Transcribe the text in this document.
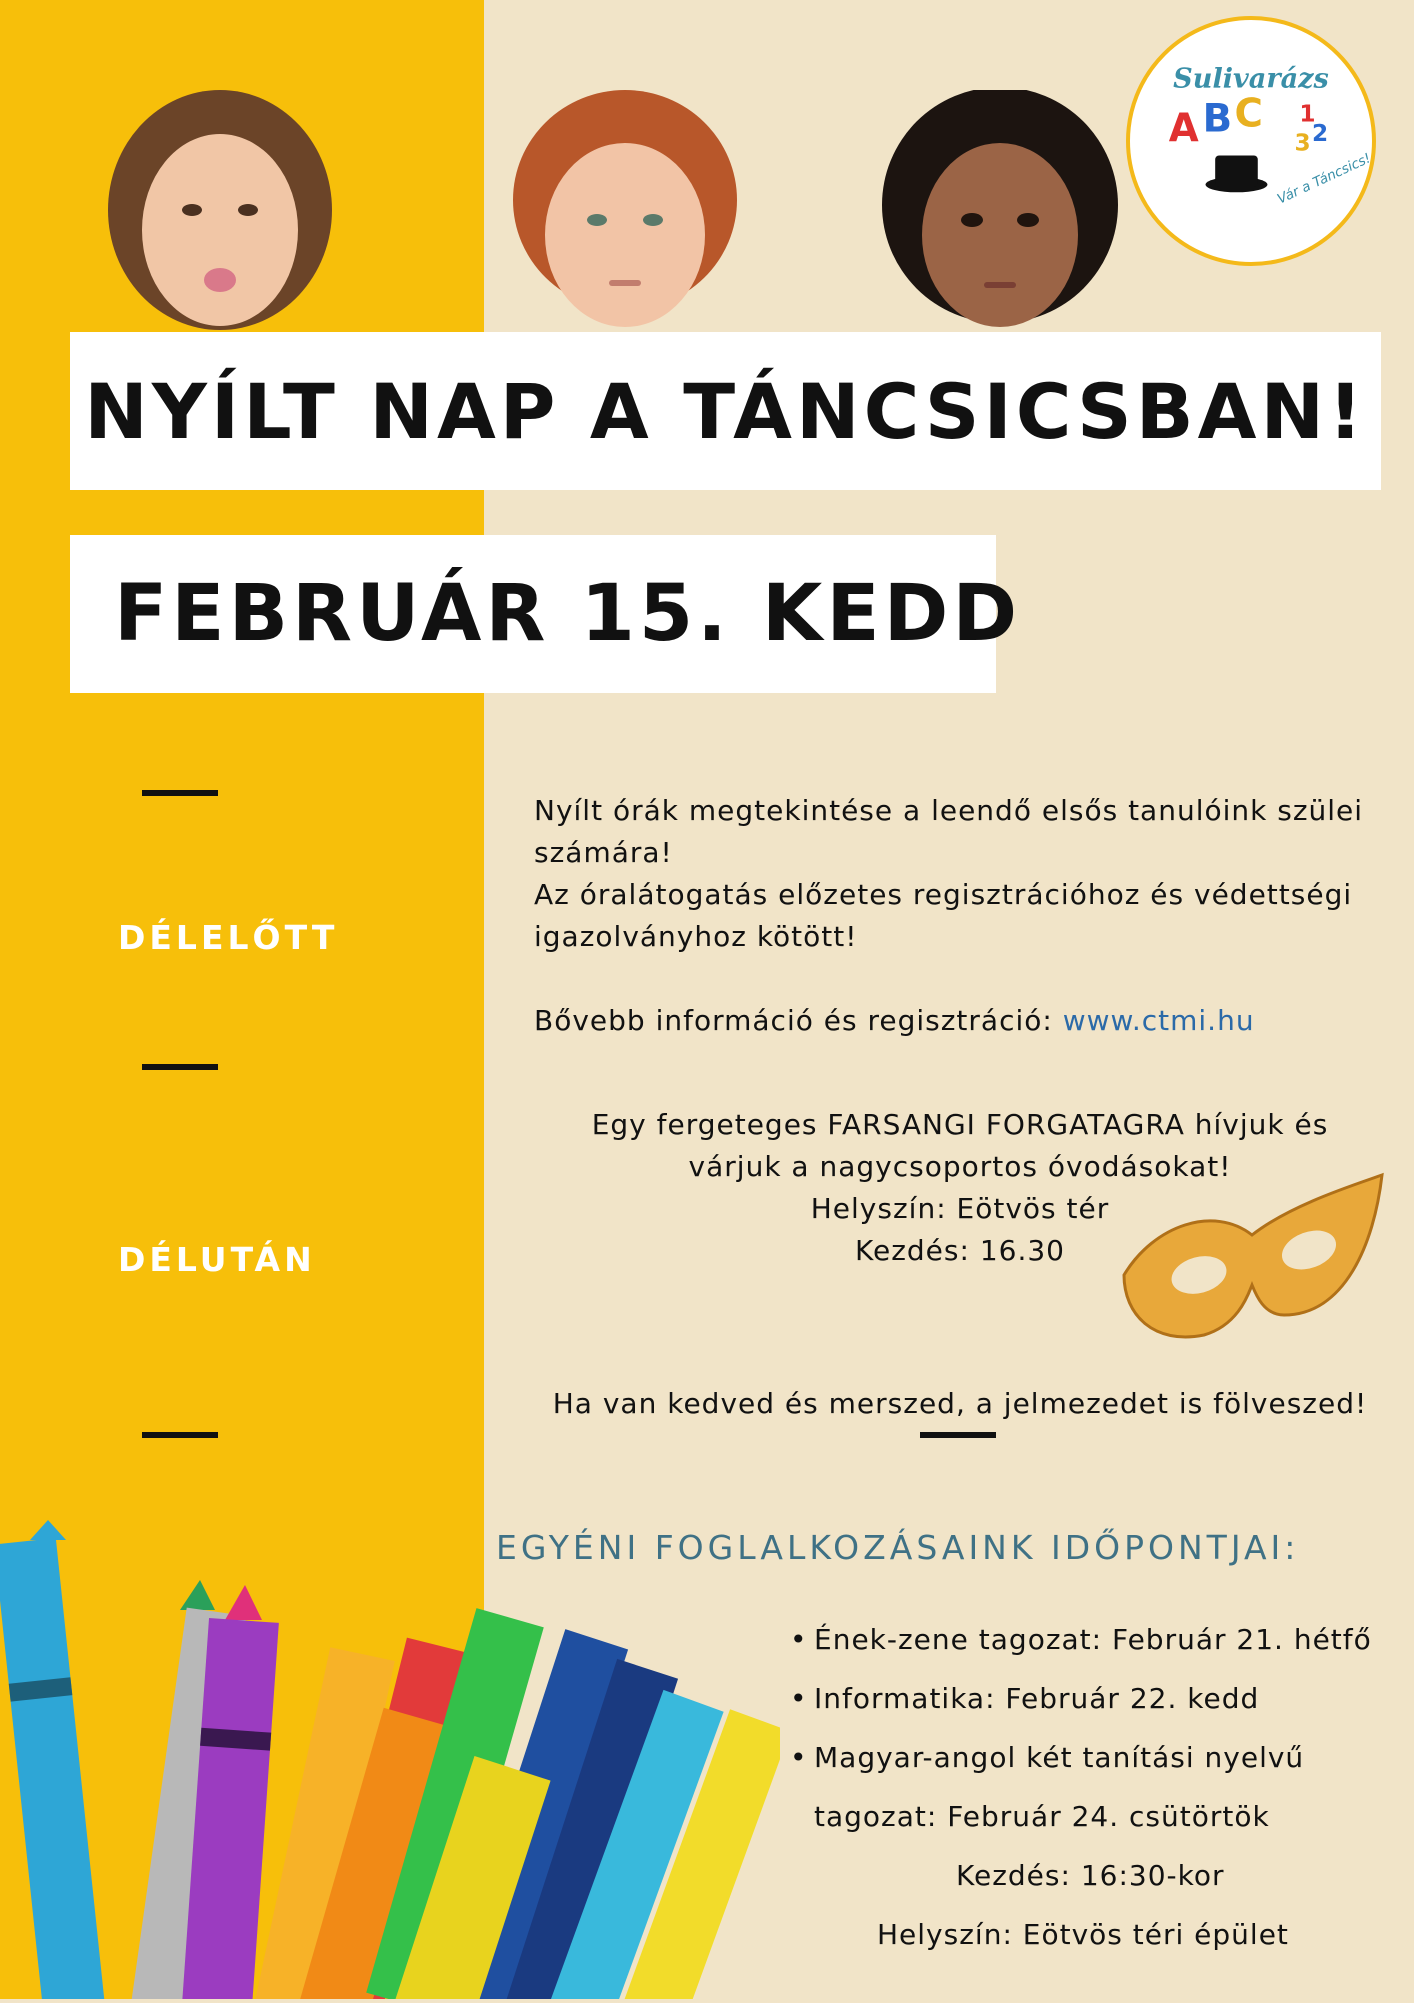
Sulivarázs
A B C 1
2
3
Vár a Táncsics!
NYÍLT NAP A TÁNCSICSBAN!
FEBRUÁR 15. KEDD
DÉLELŐTT
DÉLUTÁN
Nyílt órák megtekintése a leendő elsős tanulóink szülei
számára!
Az óralátogatás előzetes regisztrációhoz és védettségi
igazolványhoz kötött!
Bővebb információ és regisztráció: www.ctmi.hu
Egy fergeteges FARSANGI FORGATAGRA hívjuk és
várjuk a nagycsoportos óvodásokat!
Helyszín: Eötvös tér
Kezdés: 16.30
Ha van kedved és merszed, a jelmezedet is fölveszed!
EGYÉNI FOGLALKOZÁSAINK IDŐPONTJAI:
• Ének-zene tagozat: Február 21. hétfő
• Informatika: Február 22. kedd
• Magyar-angol két tanítási nyelvű
tagozat: Február 24. csütörtök
Kezdés: 16:30-kor
Helyszín: Eötvös téri épület
